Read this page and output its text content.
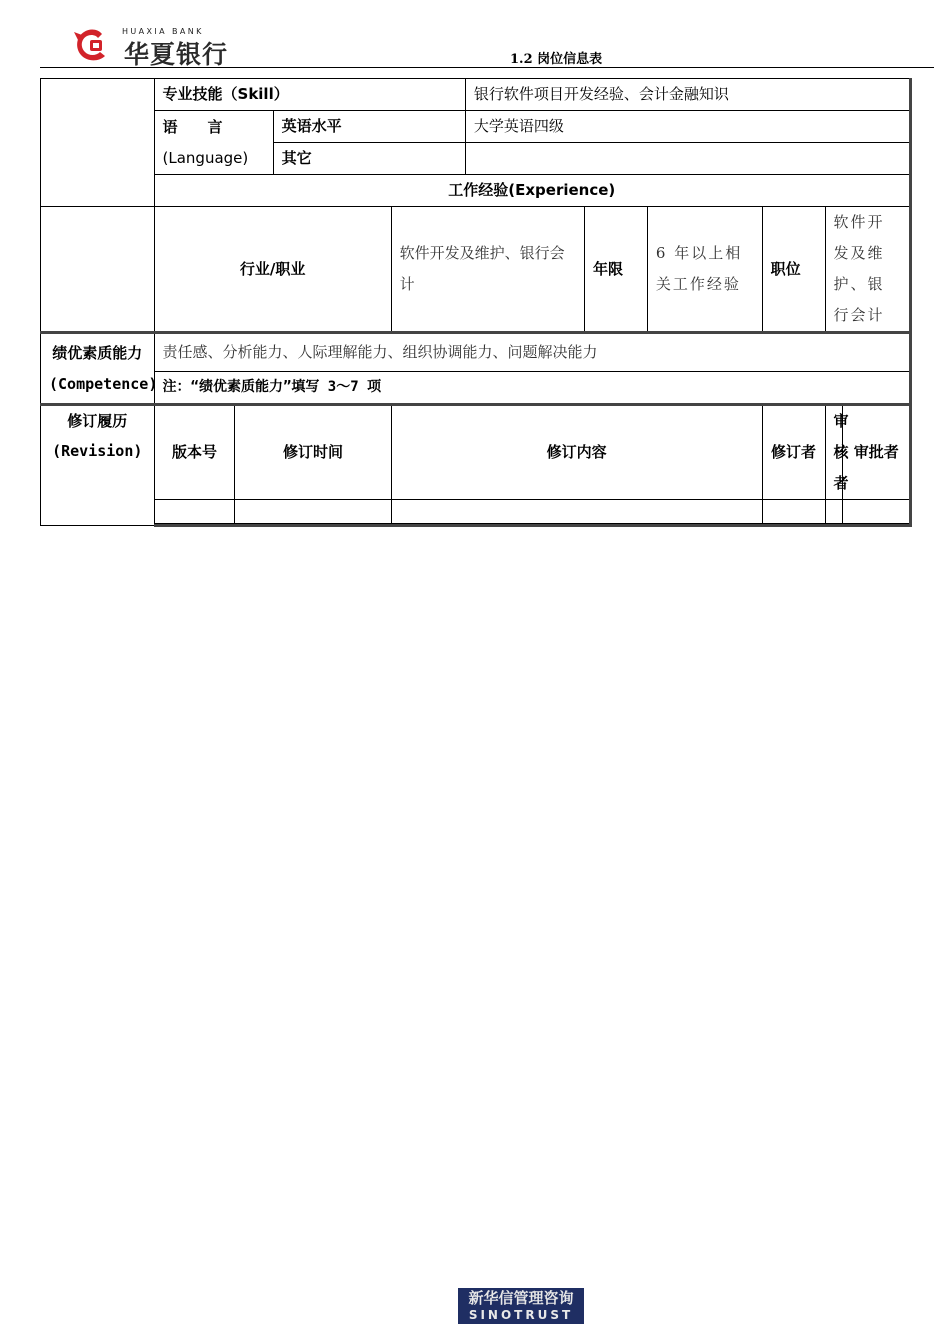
HUAXIA BANK
华夏银行	1.2 岗位信息表
	专业技能（Skill）				银行软件项目开发经验、会计金融知识					

	语　　言
(Language)		英语水平		大学英语四级					
			其它							
	工作经验(Experience)									
	行业/职业			软件开发及维护、银行会计		年限	6 年以上相关工作经验	职位	软件开发及维护、银行会计	

绩优素质能力
(Competence)	责任感、分析能力、人际理解能力、组织协调能力、问题解决能力									
	注：“绩优素质能力”填写 3～7 项									

修订履历
(Revision)	版本号	修订时间		修订内容				修订者	审核者	审批者

新华信管理咨询
SINOTRUST
